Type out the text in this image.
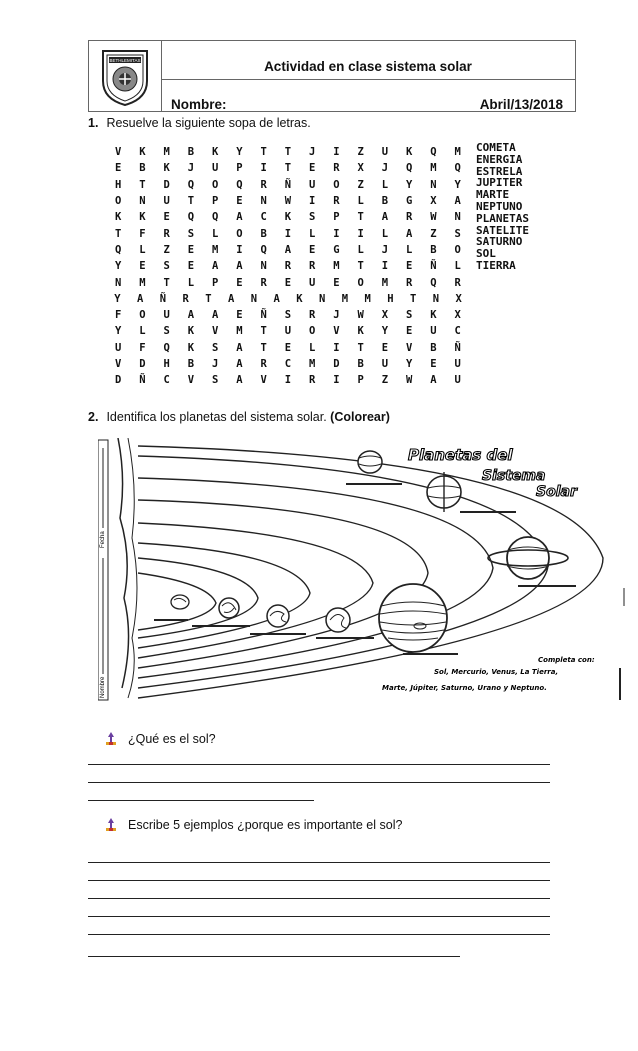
BETHLEMITAS	Actividad en clase sistema solar
Nombre:	Abril/13/2018
1. Resuelve la siguiente sopa de letras.
V	K	M	B	K	Y	T	T	J	I	Z	U	K	Q	M
E	B	K	J	U	P	I	T	E	R	X	J	Q	M	Q
H	T	D	Q	O	Q	R	Ñ	U	O	Z	L	Y	N	Y
O	N	U	T	P	E	N	W	I	R	L	B	G	X	A
K	K	E	Q	Q	A	C	K	S	P	T	A	R	W	N
T	F	R	S	L	O	B	I	L	I	I	L	A	Z	S
Q	L	Z	E	M	I	Q	A	E	G	L	J	L	B	O
Y	E	S	E	A	A	N	R	R	M	T	I	E	Ñ	L
N	M	T	L	P	E	R	E	U	E	O	M	R	Q	R
Y	A	Ñ	R	T	A	N	A	K	N	M	M	H	T	N	X
F	O	U	A	A	E	Ñ	S	R	J	W	X	S	K	X
Y	L	S	K	V	M	T	U	O	V	K	Y	E	U	C
U	F	Q	K	S	A	T	E	L	I	T	E	V	B	Ñ
V	D	H	B	J	A	R	C	M	D	B	U	Y	E	U
D	Ñ	C	V	S	A	V	I	R	I	P	Z	W	A	U
COMETA
ENERGIA
ESTRELA
JUPITER
MARTE
NEPTUNO
PLANETAS
SATELITE
SATURNO
SOL
TIERRA
2. Identifica los planetas del sistema solar. (Colorear)
Fecha
Nombre
Planetas del
Sistema
Solar
Completa con:
Sol, Mercurio, Venus, La Tierra,
Marte, Júpiter, Saturno, Urano y Neptuno.
¿Qué es el sol?
Escribe 5 ejemplos ¿porque es importante el sol?
